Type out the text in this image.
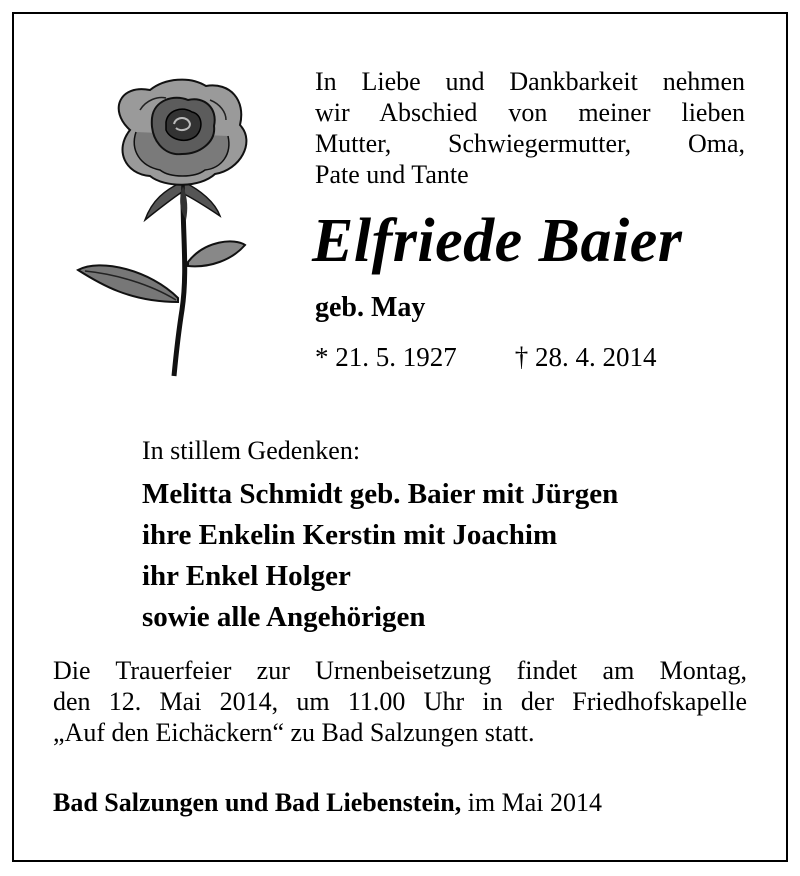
In Liebe und Dankbarkeit nehmen
wir Abschied von meiner lieben
Mutter, Schwiegermutter, Oma,
Pate und Tante
Elfriede Baier
geb. May
* 21. 5. 1927 † 28. 4. 2014
In stillem Gedenken:
Melitta Schmidt geb. Baier mit Jürgen
ihre Enkelin Kerstin mit Joachim
ihr Enkel Holger
sowie alle Angehörigen
Die Trauerfeier zur Urnenbeisetzung findet am Montag,
den 12. Mai 2014, um 11.00 Uhr in der Friedhofskapelle
„Auf den Eichäckern“ zu Bad Salzungen statt.
Bad Salzungen und Bad Liebenstein, im Mai 2014
